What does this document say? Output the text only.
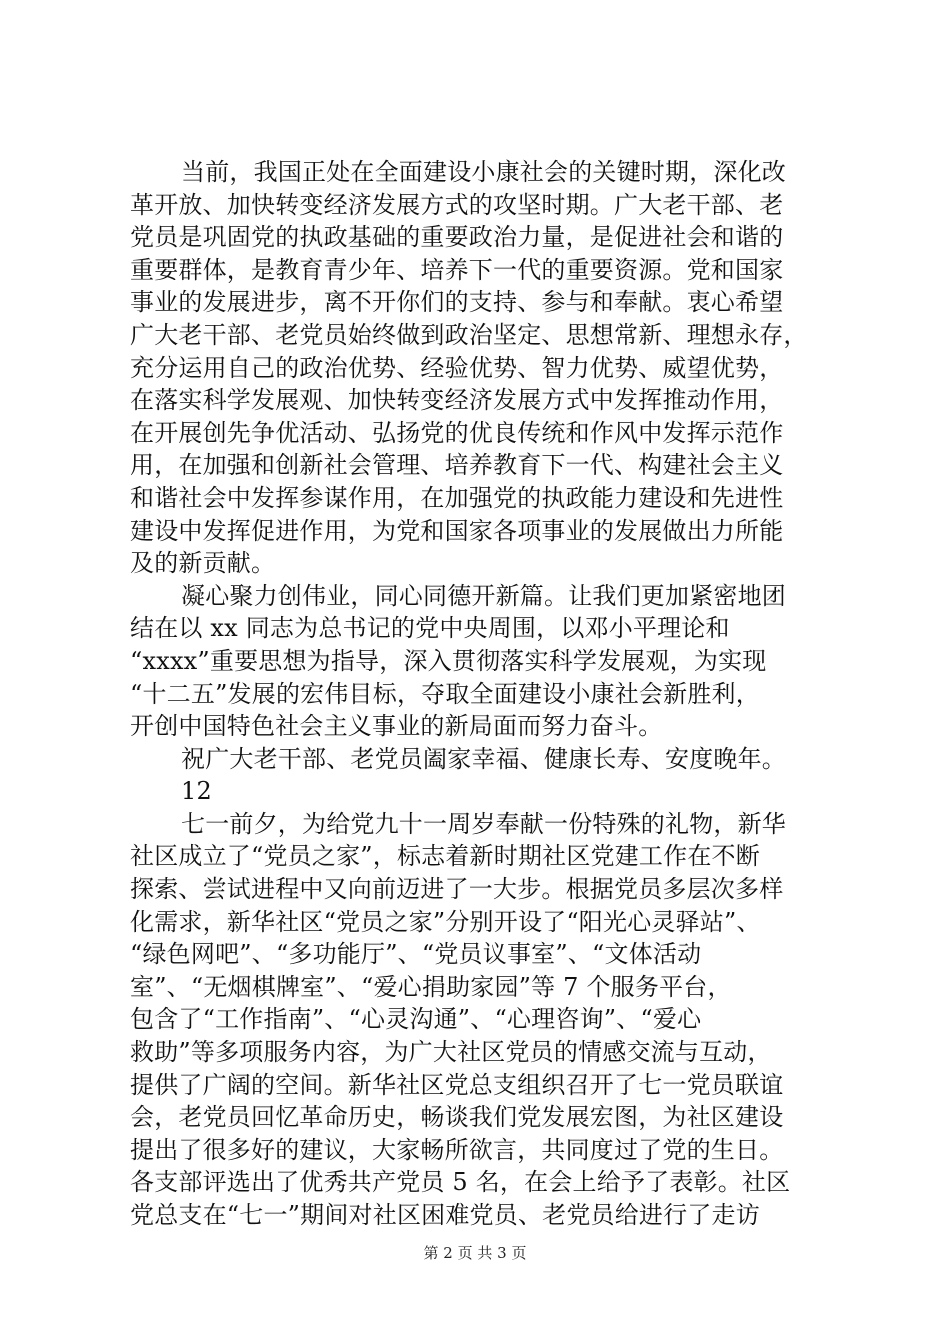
当前，我国正处在全面建设小康社会的关键时期，深化改
革开放、加快转变经济发展方式的攻坚时期。广大老干部、老
党员是巩固党的执政基础的重要政治力量，是促进社会和谐的
重要群体，是教育青少年、培养下一代的重要资源。党和国家
事业的发展进步，离不开你们的支持、参与和奉献。衷心希望
广大老干部、老党员始终做到政治坚定、思想常新、理想永存，
充分运用自己的政治优势、经验优势、智力优势、威望优势，
在落实科学发展观、加快转变经济发展方式中发挥推动作用，
在开展创先争优活动、弘扬党的优良传统和作风中发挥示范作
用，在加强和创新社会管理、培养教育下一代、构建社会主义
和谐社会中发挥参谋作用，在加强党的执政能力建设和先进性
建设中发挥促进作用，为党和国家各项事业的发展做出力所能
及的新贡献。
凝心聚力创伟业，同心同德开新篇。让我们更加紧密地团
结在以 xx 同志为总书记的党中央周围，以邓小平理论和
“xxxx”重要思想为指导，深入贯彻落实科学发展观，为实现
“十二五”发展的宏伟目标，夺取全面建设小康社会新胜利，
开创中国特色社会主义事业的新局面而努力奋斗。
祝广大老干部、老党员阖家幸福、健康长寿、安度晚年。
12
七一前夕，为给党九十一周岁奉献一份特殊的礼物，新华
社区成立了“党员之家”，标志着新时期社区党建工作在不断
探索、尝试进程中又向前迈进了一大步。根据党员多层次多样
化需求，新华社区“党员之家”分别开设了“阳光心灵驿站”、
“绿色网吧”、“多功能厅”、“党员议事室”、“文体活动
室”、“无烟棋牌室”、“爱心捐助家园”等 7 个服务平台，
包含了“工作指南”、“心灵沟通”、“心理咨询”、“爱心
救助”等多项服务内容，为广大社区党员的情感交流与互动，
提供了广阔的空间。新华社区党总支组织召开了七一党员联谊
会，老党员回忆革命历史，畅谈我们党发展宏图，为社区建设
提出了很多好的建议，大家畅所欲言，共同度过了党的生日。
各支部评选出了优秀共产党员 5 名，在会上给予了表彰。社区
党总支在“七一”期间对社区困难党员、老党员给进行了走访
第 2 页 共 3 页
